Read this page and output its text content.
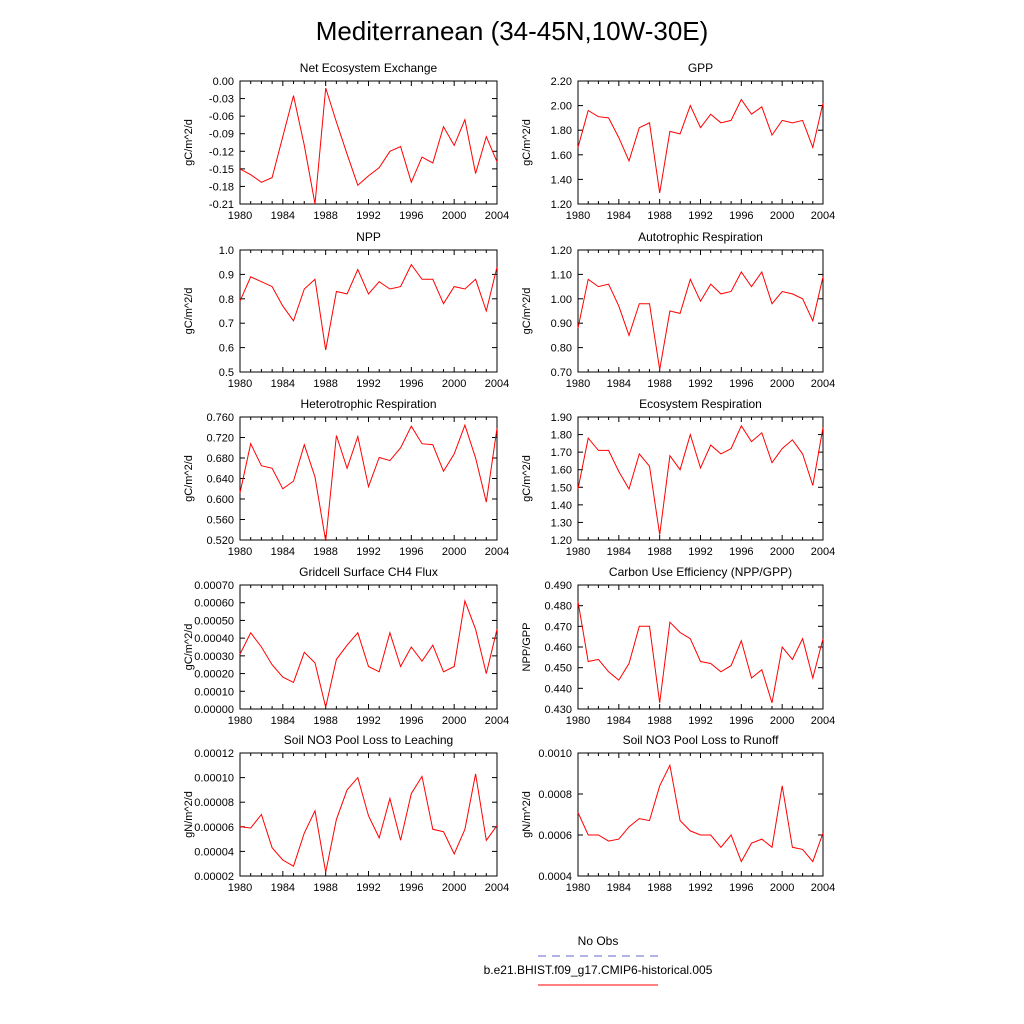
Mediterranean (34-45N,10W-30E)
Net Ecosystem Exchange
gC/m^2/d
1980 1984 1988 1992 1996 2000 2004
-0.21
-0.18
-0.15
-0.12
-0.09
-0.06
-0.03
0.00
GPP
gC/m^2/d
1980 1984 1988 1992 1996 2000 2004
1.20
1.40
1.60
1.80
2.00
2.20
NPP
gC/m^2/d
1980 1984 1988 1992 1996 2000 2004
0.5
0.6
0.7
0.8
0.9
1.0
Autotrophic Respiration
gC/m^2/d
1980 1984 1988 1992 1996 2000 2004
0.70
0.80
0.90
1.00
1.10
1.20
Heterotrophic Respiration
gC/m^2/d
1980 1984 1988 1992 1996 2000 2004
0.520
0.560
0.600
0.640
0.680
0.720
0.760
Ecosystem Respiration
gC/m^2/d
1980 1984 1988 1992 1996 2000 2004
1.20
1.30
1.40
1.50
1.60
1.70
1.80
1.90
Gridcell Surface CH4 Flux
gC/m^2/d
1980 1984 1988 1992 1996 2000 2004
0.00000
0.00010
0.00020
0.00030
0.00040
0.00050
0.00060
0.00070
Carbon Use Efficiency (NPP/GPP)
NPP/GPP
1980 1984 1988 1992 1996 2000 2004
0.430
0.440
0.450
0.460
0.470
0.480
0.490
Soil NO3 Pool Loss to Leaching
gN/m^2/d
1980 1984 1988 1992 1996 2000 2004
0.00002
0.00004
0.00006
0.00008
0.00010
0.00012
Soil NO3 Pool Loss to Runoff
gN/m^2/d
1980 1984 1988 1992 1996 2000 2004
0.0004
0.0006
0.0008
0.0010
No Obs
b.e21.BHIST.f09_g17.CMIP6-historical.005
